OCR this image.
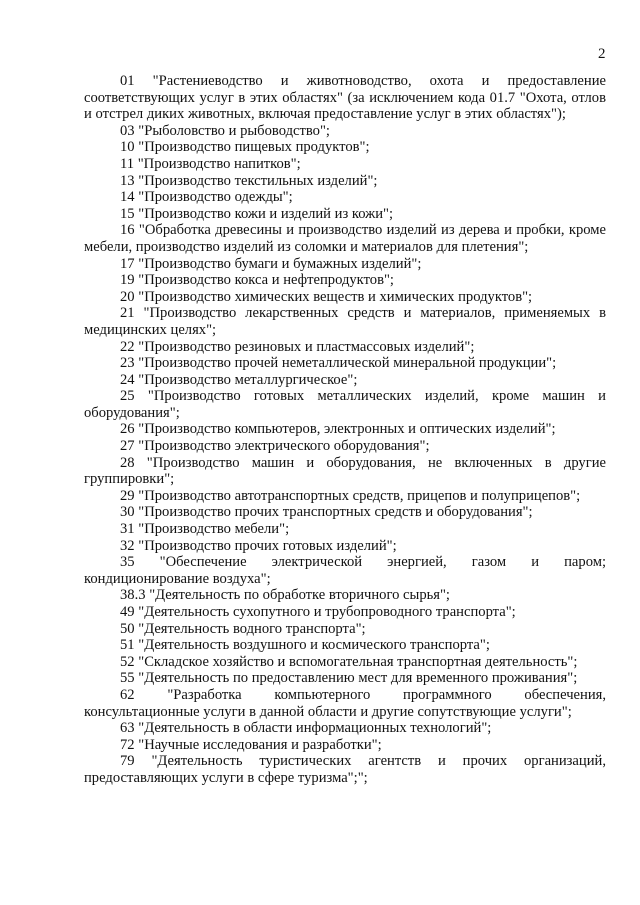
2

01 "Растениеводство и животноводство, охота и предоставление соответствующих услуг в этих областях" (за исключением кода 01.7 "Охота, отлов и отстрел диких животных, включая предоставление услуг в этих областях");

03 "Рыболовство и рыбоводство";

10 "Производство пищевых продуктов";

11 "Производство напитков";

13 "Производство текстильных изделий";

14 "Производство одежды";

15 "Производство кожи и изделий из кожи";

16 "Обработка древесины и производство изделий из дерева и пробки, кроме мебели, производство изделий из соломки и материалов для плетения";

17 "Производство бумаги и бумажных изделий";

19 "Производство кокса и нефтепродуктов";

20 "Производство химических веществ и химических продуктов";

21 "Производство лекарственных средств и материалов, применяемых в медицинских целях";

22 "Производство резиновых и пластмассовых изделий";

23 "Производство прочей неметаллической минеральной продукции";

24 "Производство металлургическое";

25 "Производство готовых металлических изделий, кроме машин и оборудования";

26 "Производство компьютеров, электронных и оптических изделий";

27 "Производство электрического оборудования";

28 "Производство машин и оборудования, не включенных в другие группировки";

29 "Производство автотранспортных средств, прицепов и полуприцепов";

30 "Производство прочих транспортных средств и оборудования";

31 "Производство мебели";

32 "Производство прочих готовых изделий";

35 "Обеспечение электрической энергией, газом и паром; кондиционирование воздуха";

38.3 "Деятельность по обработке вторичного сырья";

49 "Деятельность сухопутного и трубопроводного транспорта";

50 "Деятельность водного транспорта";

51 "Деятельность воздушного и космического транспорта";

52 "Складское хозяйство и вспомогательная транспортная деятельность";

55 "Деятельность по предоставлению мест для временного проживания";

62 "Разработка компьютерного программного обеспечения, консультационные услуги в данной области и другие сопутствующие услуги";

63 "Деятельность в области информационных технологий";

72 "Научные исследования и разработки";

79 "Деятельность туристических агентств и прочих организаций, предоставляющих услуги в сфере туризма";";
